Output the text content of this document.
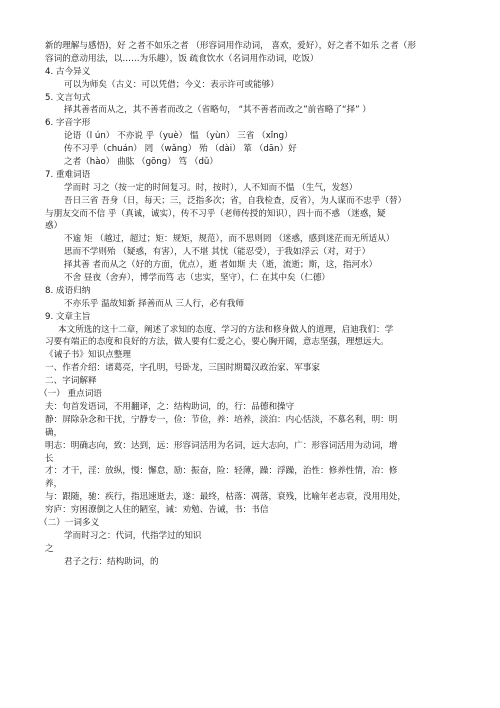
新的理解与感悟)，好 之者不如乐之者 （形容词用作动词， 喜欢，爱好），好之者不如乐 之者（形
容词的意动用法，以……为乐趣），饭 疏食饮水（名词用作动词，吃饭）
4. 古今异义
可以为师矣（古义：可以凭借；今义：表示许可或能够）
5. 文言句式
择其善者而从之，其不善者而改之（省略句， “其不善者而改之”前省略了“择” ）
6. 字音字形
论语（l ún） 不亦说 乎（yuè） 愠 （yùn） 三省 （xǐng）
传不习乎（chuán） 罔 （wǎng） 殆 （dài） 箪 （dān）好
之者（hào） 曲肱 （gōng） 笃 （dǔ）
7. 重难词语
学而时 习之（按一定的时间复习。时，按时），人不知而不愠 （生气，发怒）
吾日三省 吾身（日，每天；三，泛指多次；省，自我检查，反省），为人谋而不忠乎（替）
与朋友交而不信 乎（真诚，诚实），传不习乎（老师传授的知识），四十而不惑 （迷惑，疑
惑）
不逾 矩 （越过，超过；矩：规矩，规范），而不思则罔 （迷惑，感到迷茫而无所适从）
思而不学则殆 （疑惑，有害），人不堪 其忧（能忍受），于我如浮云（对，对于）
择其善 者而从之（好的方面，优点），逝 者如斯 夫（逝，流逝；斯，这，指河水）
不舍 昼夜（舍弃），博学而笃 志（忠实，坚守），仁 在其中矣（仁德）
8. 成语归纳
不亦乐乎 温故知新 择善而从 三人行，必有我师
9. 文章主旨
本文所选的这十二章，阐述了求知的态度、学习的方法和修身做人的道理，启迪我们：学
习要有端正的态度和良好的方法，做人要有仁爱之心，要心胸开阔，意志坚强，理想远大。
《诫子书》知识点整理
一、作者介绍：诸葛亮，字孔明，号卧龙，三国时期蜀汉政治家、军事家
二、字词解释
（一） 重点词语
夫：句首发语词，不用翻译，之：结构助词，的，行：品德和操守
静：屏除杂念和干扰，宁静专一，俭：节俭，养：培养，淡泊：内心恬淡，不慕名利，明：明
确，
明志：明确志向，致：达到，远：形容词活用为名词，远大志向，广：形容词活用为动词，增
长
才：才干，淫：放纵，慢：懈怠，励：振奋，险：轻薄，躁：浮躁，治性：修养性情，冶：修
养，
与：跟随，驰：疾行，指迅速逝去，遂：最终，枯落：凋落，衰残，比喻年老志衰，没用用处，
穷庐：穷困潦倒之人住的陋室，诫：劝勉、告诫，书：书信
（二）一词多义
学而时习之：代词，代指学过的知识
之
君子之行：结构助词，的
